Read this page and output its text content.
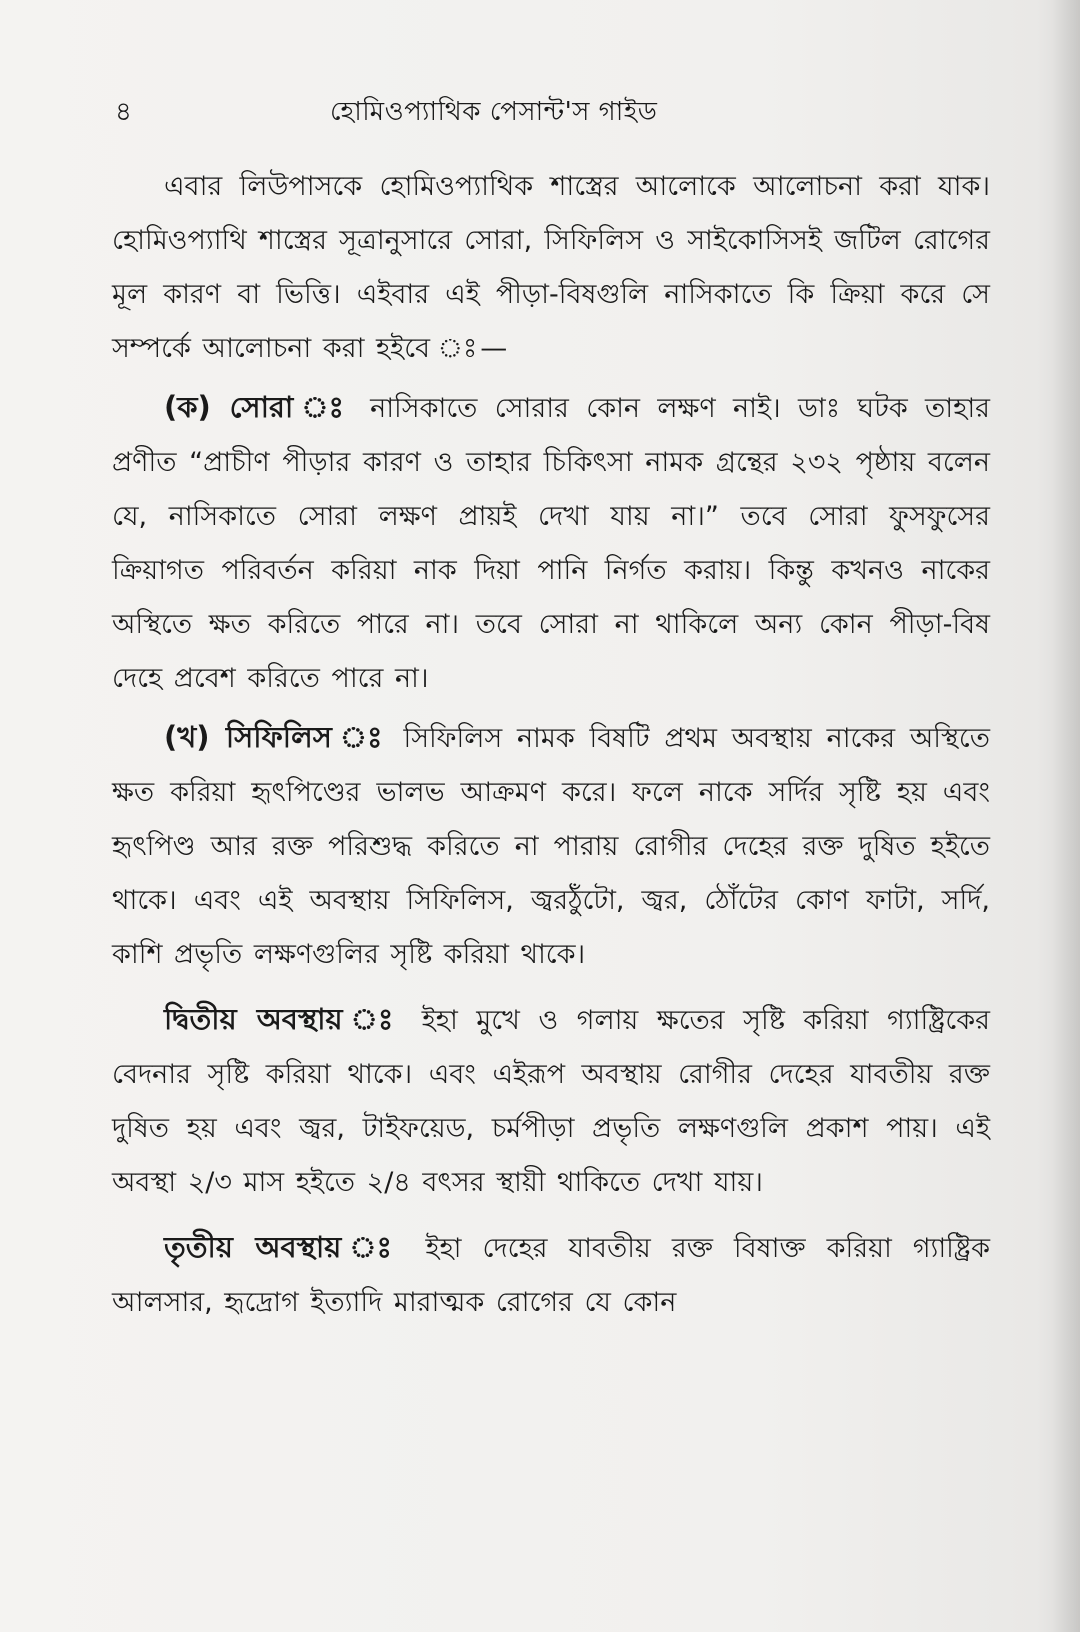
৪	হোমিওপ্যাথিক পেসান্ট'স গাইড

এবার লিউপাসকে হোমিওপ্যাথিক শাস্ত্রের আলোকে আলোচনা করা যাক। হোমিওপ্যাথি শাস্ত্রের সূত্রানুসারে সোরা, সিফিলিস ও সাইকোসিসই জটিল রোগের মূল কারণ বা ভিত্তি। এইবার এই পীড়া-বিষগুলি নাসিকাতে কি ক্রিয়া করে সে সম্পর্কে আলোচনা করা হইবে ঃ—

(ক) সোরা ঃ নাসিকাতে সোরার কোন লক্ষণ নাই। ডাঃ ঘটক তাহার প্রণীত “প্রাচীণ পীড়ার কারণ ও তাহার চিকিৎসা নামক গ্রন্থের ২৩২ পৃষ্ঠায় বলেন যে, নাসিকাতে সোরা লক্ষণ প্রায়ই দেখা যায় না।” তবে সোরা ফুসফুসের ক্রিয়াগত পরিবর্তন করিয়া নাক দিয়া পানি নির্গত করায়। কিন্তু কখনও নাকের অস্থিতে ক্ষত করিতে পারে না। তবে সোরা না থাকিলে অন্য কোন পীড়া-বিষ দেহে প্রবেশ করিতে পারে না।

(খ) সিফিলিস ঃ সিফিলিস নামক বিষটি প্রথম অবস্থায় নাকের অস্থিতে ক্ষত করিয়া হৃৎপিণ্ডের ভালভ আক্রমণ করে। ফলে নাকে সর্দির সৃষ্টি হয় এবং হৃৎপিণ্ড আর রক্ত পরিশুদ্ধ করিতে না পারায় রোগীর দেহের রক্ত দুষিত হইতে থাকে। এবং এই অবস্থায় সিফিলিস, জ্বরঠুঁটো, জ্বর, ঠোঁটের কোণ ফাটা, সর্দি, কাশি প্রভৃতি লক্ষণগুলির সৃষ্টি করিয়া থাকে।

দ্বিতীয় অবস্থায় ঃ ইহা মুখে ও গলায় ক্ষতের সৃষ্টি করিয়া গ্যাষ্ট্রিকের বেদনার সৃষ্টি করিয়া থাকে। এবং এইরূপ অবস্থায় রোগীর দেহের যাবতীয় রক্ত দুষিত হয় এবং জ্বর, টাইফয়েড, চর্মপীড়া প্রভৃতি লক্ষণগুলি প্রকাশ পায়। এই অবস্থা ২/৩ মাস হইতে ২/৪ বৎসর স্থায়ী থাকিতে দেখা যায়।

তৃতীয় অবস্থায় ঃ ইহা দেহের যাবতীয় রক্ত বিষাক্ত করিয়া গ্যাষ্ট্রিক আলসার, হৃদ্রোগ ইত্যাদি মারাত্মক রোগের যে কোন
